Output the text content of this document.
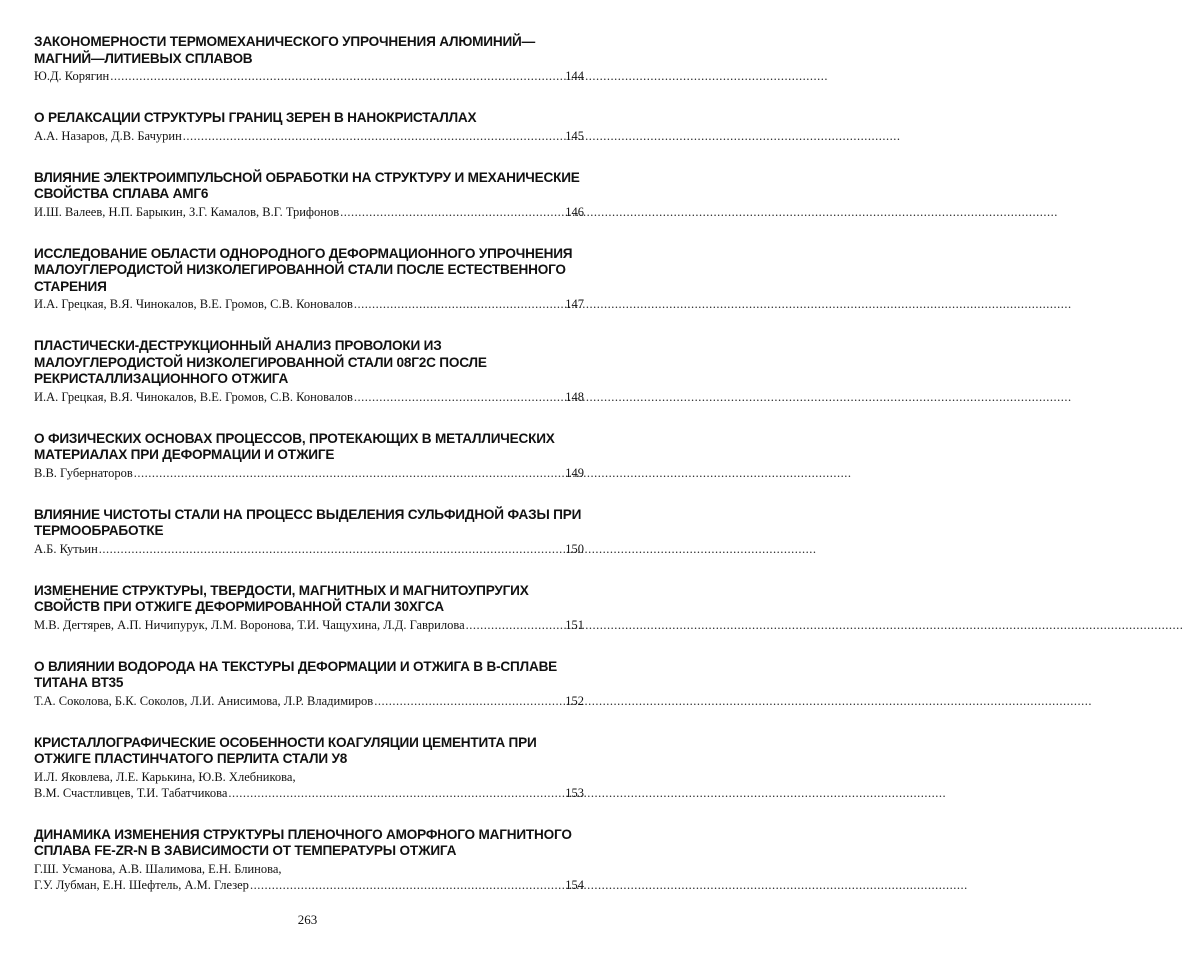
ЗАКОНОМЕРНОСТИ ТЕРМОМЕХАНИЧЕСКОГО УПРОЧНЕНИЯ АЛЮМИНИЙ—МАГНИЙ—ЛИТИЕВЫХ СПЛАВОВ
Ю.Д. Корягин .....	144
О РЕЛАКСАЦИИ СТРУКТУРЫ ГРАНИЦ ЗЕРЕН В НАНОКРИСТАЛЛАХ
А.А. Назаров, Д.В. Бачурин .....	145
ВЛИЯНИЕ ЭЛЕКТРОИМПУЛЬСНОЙ ОБРАБОТКИ НА СТРУКТУРУ И МЕХАНИЧЕСКИЕ СВОЙСТВА СПЛАВА АМГ6
И.Ш. Валеев, Н.П. Барыкин, З.Г. Камалов, В.Г. Трифонов .....	146
ИССЛЕДОВАНИЕ ОБЛАСТИ ОДНОРОДНОГО ДЕФОРМАЦИОННОГО УПРОЧНЕНИЯ МАЛОУГЛЕРОДИСТОЙ НИЗКОЛЕГИРОВАННОЙ СТАЛИ ПОСЛЕ ЕСТЕСТВЕННОГО СТАРЕНИЯ
И.А. Грецкая, В.Я. Чинокалов, В.Е. Громов, С.В. Коновалов .....	147
ПЛАСТИЧЕСКИ-ДЕСТРУКЦИОННЫЙ АНАЛИЗ ПРОВОЛОКИ ИЗ МАЛОУГЛЕРОДИСТОЙ НИЗКОЛЕГИРОВАННОЙ СТАЛИ 08Г2С ПОСЛЕ РЕКРИСТАЛЛИЗАЦИОННОГО ОТЖИГА
И.А. Грецкая, В.Я. Чинокалов, В.Е. Громов, С.В. Коновалов .....	148
О ФИЗИЧЕСКИХ ОСНОВАХ ПРОЦЕССОВ, ПРОТЕКАЮЩИХ В МЕТАЛЛИЧЕСКИХ МАТЕРИАЛАХ ПРИ ДЕФОРМАЦИИ И ОТЖИГЕ
В.В. Губернаторов .....	149
ВЛИЯНИЕ ЧИСТОТЫ СТАЛИ НА ПРОЦЕСС ВЫДЕЛЕНИЯ СУЛЬФИДНОЙ ФАЗЫ ПРИ ТЕРМООБРАБОТКЕ
А.Б. Кутьин .....	150
ИЗМЕНЕНИЕ СТРУКТУРЫ, ТВЕРДОСТИ, МАГНИТНЫХ И МАГНИТОУПРУГИХ СВОЙСТВ ПРИ ОТЖИГЕ ДЕФОРМИРОВАННОЙ СТАЛИ 30ХГСА
М.В. Дегтярев, А.П. Ничипурук, Л.М. Воронова, Т.И. Чащухина, Л.Д. Гаврилова .....	151
О ВЛИЯНИИ ВОДОРОДА НА ТЕКСТУРЫ ДЕФОРМАЦИИ И ОТЖИГА В Β-СПЛАВЕ ТИТАНА ВТ35
Т.А. Соколова, Б.К. Соколов, Л.И. Анисимова, Л.Р. Владимиров .....	152
КРИСТАЛЛОГРАФИЧЕСКИЕ ОСОБЕННОСТИ КОАГУЛЯЦИИ ЦЕМЕНТИТА ПРИ ОТЖИГЕ ПЛАСТИНЧАТОГО ПЕРЛИТА СТАЛИ У8
И.Л. Яковлева, Л.Е. Карькина, Ю.В. Хлебникова,
В.М. Счастливцев, Т.И. Табатчикова .....	153
ДИНАМИКА ИЗМЕНЕНИЯ СТРУКТУРЫ ПЛЕНОЧНОГО АМОРФНОГО МАГНИТНОГО СПЛАВА FE-ZR-N В ЗАВИСИМОСТИ ОТ ТЕМПЕРАТУРЫ ОТЖИГА
Г.Ш. Усманова, А.В. Шалимова, Е.Н. Блинова,
Г.У. Лубман, Е.Н. Шефтель, А.М. Глезер .....	154
263
